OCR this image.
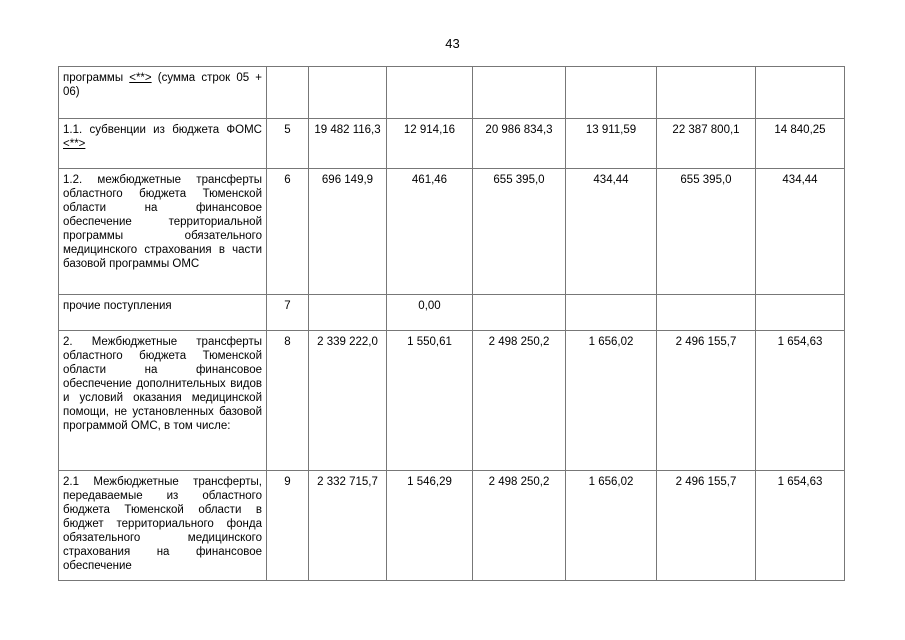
43
программы <**> (сумма строк 05 + 06)							
1.1. субвенции из бюджета ФОМС <**>	5	19 482 116,3	12 914,16	20 986 834,3	13 911,59	22 387 800,1	14 840,25
1.2. межбюджетные трансферты областного бюджета Тюменской области на финансовое обеспечение территориальной программы обязательного медицинского страхования в части базовой программы ОМС	6	696 149,9	461,46	655 395,0	434,44	655 395,0	434,44
прочие поступления	7		0,00				
2. Межбюджетные трансферты областного бюджета Тюменской области на финансовое обеспечение дополнительных видов и условий оказания медицинской помощи, не установленных базовой программой ОМС, в том числе:	8	2 339 222,0	1 550,61	2 498 250,2	1 656,02	2 496 155,7	1 654,63
2.1 Межбюджетные трансферты, передаваемые из областного бюджета Тюменской области в бюджет территориального фонда обязательного медицинского страхования на финансовое обеспечение	9	2 332 715,7	1 546,29	2 498 250,2	1 656,02	2 496 155,7	1 654,63
